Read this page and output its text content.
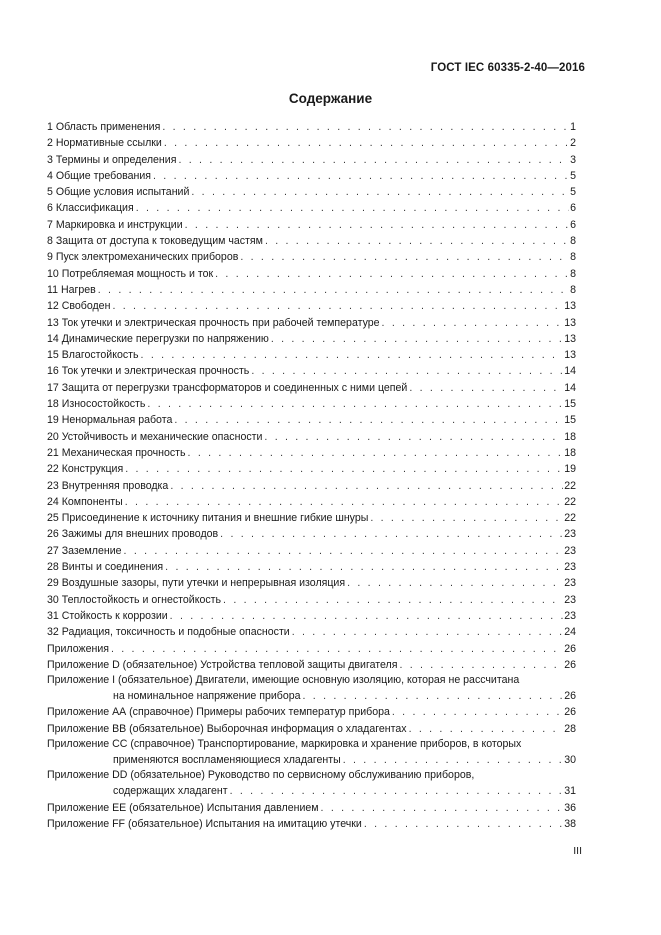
ГОСТ IEC 60335-2-40—2016
Содержание
1 Область применения . . .	1
2 Нормативные ссылки . . .	2
3 Термины и определения . . .	3
4 Общие требования . . .	5
5 Общие условия испытаний . . .	5
6 Классификация . . .	6
7 Маркировка и инструкции . . .	6
8 Защита от доступа к токоведущим частям . . .	8
9 Пуск электромеханических приборов . . .	8
10 Потребляемая мощность и ток . . .	8
11 Нагрев . . .	8
12 Свободен . . .	13
13 Ток утечки и электрическая прочность при рабочей температуре . . .	13
14 Динамические перегрузки по напряжению . . .	13
15 Влагостойкость . . .	13
16 Ток утечки и электрическая прочность . . .	14
17 Защита от перегрузки трансформаторов и соединенных с ними цепей . . .	14
18 Износостойкость . . .	15
19 Ненормальная работа . . .	15
20 Устойчивость и механические опасности . . .	18
21 Механическая прочность . . .	18
22 Конструкция . . .	19
23 Внутренняя проводка . . .	22
24 Компоненты . . .	22
25 Присоединение к источнику питания и внешние гибкие шнуры . . .	22
26 Зажимы для внешних проводов . . .	23
27 Заземление . . .	23
28 Винты и соединения . . .	23
29 Воздушные зазоры, пути утечки и непрерывная изоляция . . .	23
30 Теплостойкость и огнестойкость . . .	23
31 Стойкость к коррозии . . .	23
32 Радиация, токсичность и подобные опасности . . .	24
Приложения . . .	26
Приложение D (обязательное) Устройства тепловой защиты двигателя . . .	26
Приложение I (обязательное) Двигатели, имеющие основную изоляцию, которая не рассчитана
на номинальное напряжение прибора . . .	26
Приложение АА (справочное) Примеры рабочих температур прибора . . .	26
Приложение ВВ (обязательное) Выборочная информация о хладагентах . . .	28
Приложение СС (справочное) Транспортирование, маркировка и хранение приборов, в которых
применяются воспламеняющиеся хладагенты . . .	30
Приложение DD (обязательное) Руководство по сервисному обслуживанию приборов,
содержащих хладагент . . .	31
Приложение ЕЕ (обязательное) Испытания давлением . . .	36
Приложение FF (обязательное) Испытания на имитацию утечки . . .	38
III
